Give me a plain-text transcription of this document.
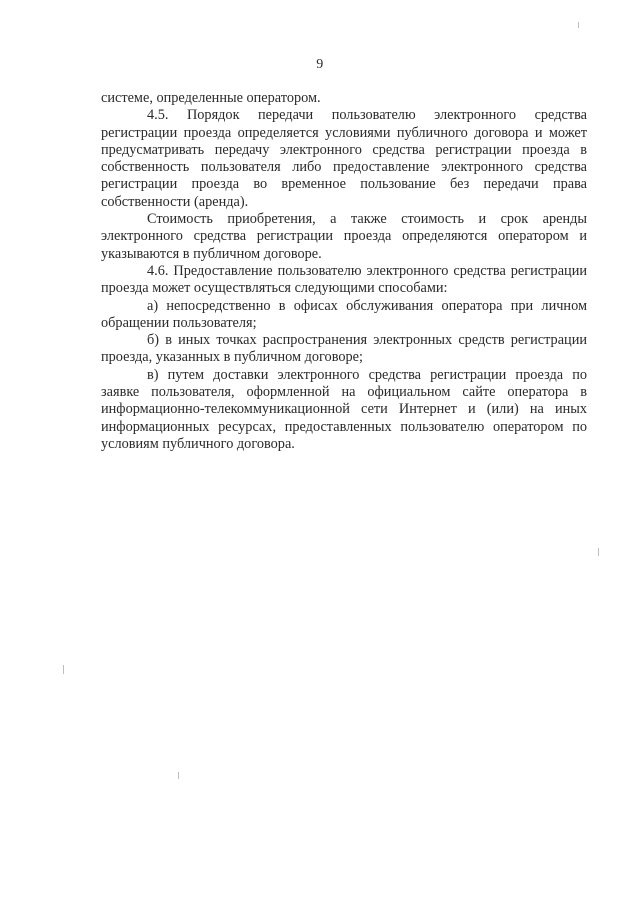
9

системе, определенные оператором.

4.5. Порядок передачи пользователю электронного средства регистрации проезда определяется условиями публичного договора и может предусматривать передачу электронного средства регистрации проезда в собственность пользователя либо предоставление электронного средства регистрации проезда во временное пользование без передачи права собственности (аренда).

Стоимость приобретения, а также стоимость и срок аренды электронного средства регистрации проезда определяются оператором и указываются в публичном договоре.

4.6. Предоставление пользователю электронного средства регистрации проезда может осуществляться следующими способами:

а) непосредственно в офисах обслуживания оператора при личном обращении пользователя;

б) в иных точках распространения электронных средств регистрации проезда, указанных в публичном договоре;

в) путем доставки электронного средства регистрации проезда по заявке пользователя, оформленной на официальном сайте оператора в информационно-телекоммуникационной сети Интернет и (или) на иных информационных ресурсах, предоставленных пользователю оператором по условиям публичного договора.
